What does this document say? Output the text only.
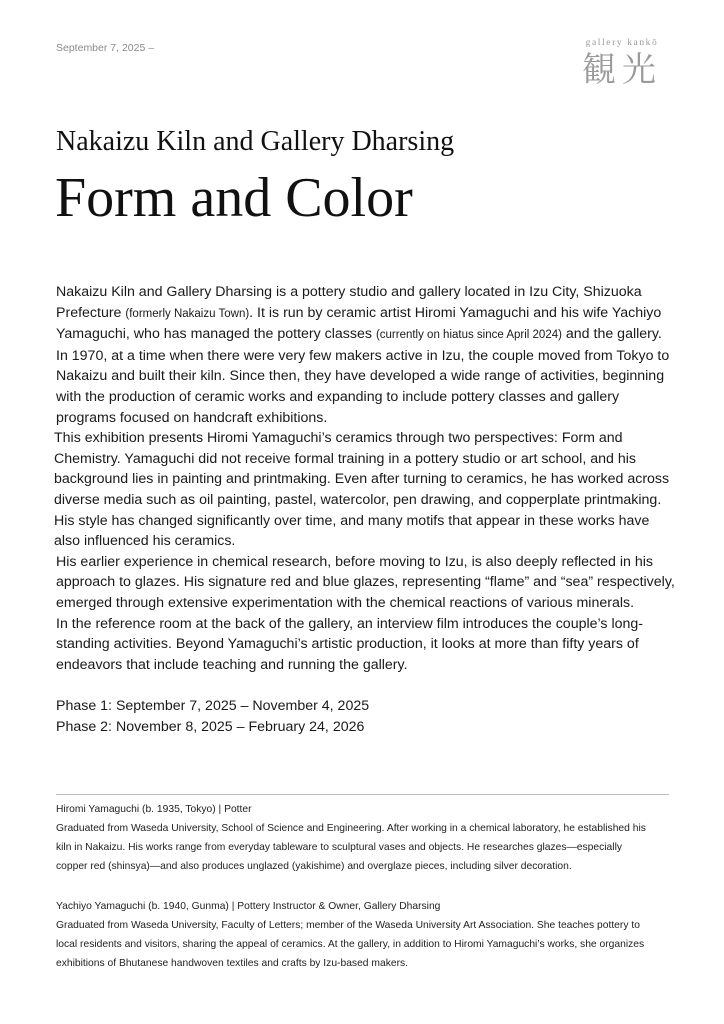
September 7, 2025 –	gallery kankō
観光
Nakaizu Kiln and Gallery Dharsing
Form and Color

Nakaizu Kiln and Gallery Dharsing is a pottery studio and gallery located in Izu City, Shizuoka Prefecture (formerly Nakaizu Town). It is run by ceramic artist Hiromi Yamaguchi and his wife Yachiyo Yamaguchi, who has managed the pottery classes (currently on hiatus since April 2024) and the gallery. In 1970, at a time when there were very few makers active in Izu, the couple moved from Tokyo to Nakaizu and built their kiln. Since then, they have developed a wide range of activities, beginning with the production of ceramic works and expanding to include pottery classes and gallery programs focused on handcraft exhibitions.

This exhibition presents Hiromi Yamaguchi’s ceramics through two perspectives: Form and Chemistry. Yamaguchi did not receive formal training in a pottery studio or art school, and his background lies in painting and printmaking. Even after turning to ceramics, he has worked across diverse media such as oil painting, pastel, watercolor, pen drawing, and copperplate printmaking. His style has changed significantly over time, and many motifs that appear in these works have also influenced his ceramics.

His earlier experience in chemical research, before moving to Izu, is also deeply reflected in his approach to glazes. His signature red and blue glazes, representing “flame” and “sea” respectively, emerged through extensive experimentation with the chemical reactions of various minerals.

In the reference room at the back of the gallery, an interview film introduces the couple’s long-standing activities. Beyond Yamaguchi’s artistic production, it looks at more than fifty years of endeavors that include teaching and running the gallery.

Phase 1: September 7, 2025 – November 4, 2025
Phase 2: November 8, 2025 – February 24, 2026
Hiromi Yamaguchi (b. 1935, Tokyo) | Potter
Graduated from Waseda University, School of Science and Engineering. After working in a chemical laboratory, he established his
kiln in Nakaizu. His works range from everyday tableware to sculptural vases and objects. He researches glazes—especially
copper red (shinsya)—and also produces unglazed (yakishime) and overglaze pieces, including silver decoration.
Yachiyo Yamaguchi (b. 1940, Gunma) | Pottery Instructor & Owner, Gallery Dharsing
Graduated from Waseda University, Faculty of Letters; member of the Waseda University Art Association. She teaches pottery to
local residents and visitors, sharing the appeal of ceramics. At the gallery, in addition to Hiromi Yamaguchi’s works, she organizes
exhibitions of Bhutanese handwoven textiles and crafts by Izu-based makers.
